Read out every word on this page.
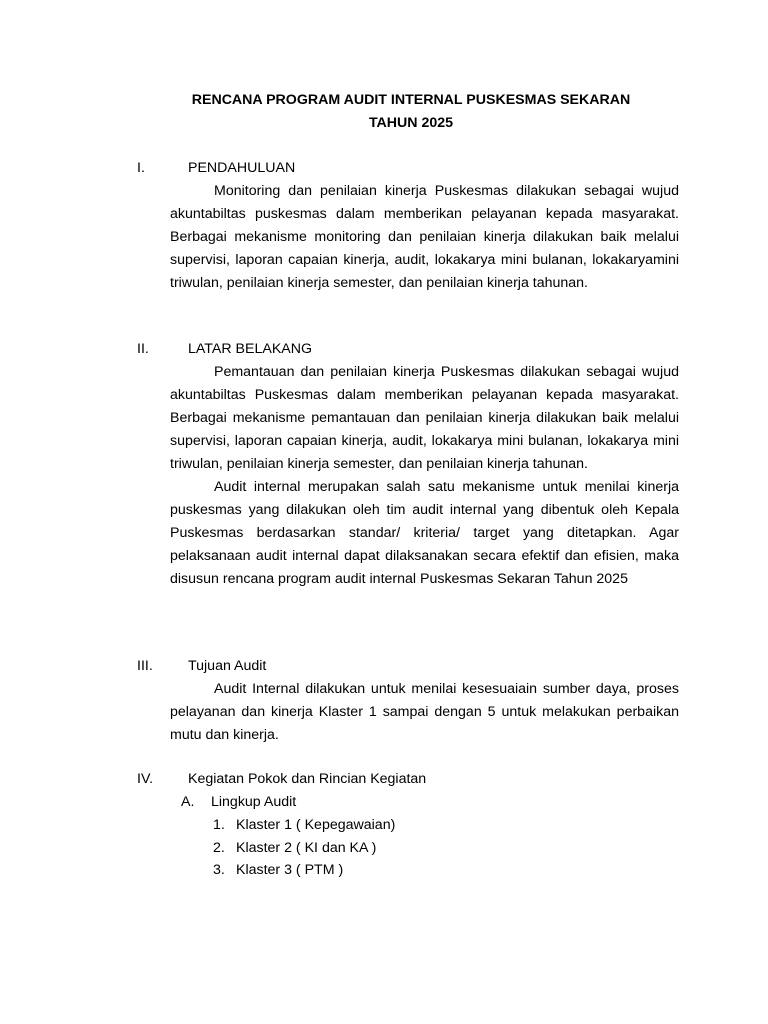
RENCANA PROGRAM AUDIT INTERNAL PUSKESMAS SEKARAN
TAHUN 2025
I.	PENDAHULUAN

Monitoring dan penilaian kinerja Puskesmas dilakukan sebagai wujud akuntabiltas puskesmas dalam memberikan pelayanan kepada masyarakat. Berbagai mekanisme monitoring dan penilaian kinerja dilakukan baik melalui supervisi, laporan capaian kinerja, audit, lokakarya mini bulanan, lokakaryamini triwulan, penilaian kinerja semester, dan penilaian kinerja tahunan.

II.	LATAR BELAKANG

Pemantauan dan penilaian kinerja Puskesmas dilakukan sebagai wujud akuntabiltas Puskesmas dalam memberikan pelayanan kepada masyarakat. Berbagai mekanisme pemantauan dan penilaian kinerja dilakukan baik melalui supervisi, laporan capaian kinerja, audit, lokakarya mini bulanan, lokakarya mini triwulan, penilaian kinerja semester, dan penilaian kinerja tahunan.

Audit internal merupakan salah satu mekanisme untuk menilai kinerja puskesmas yang dilakukan oleh tim audit internal yang dibentuk oleh Kepala Puskesmas berdasarkan standar/ kriteria/ target yang ditetapkan. Agar pelaksanaan audit internal dapat dilaksanakan secara efektif dan efisien, maka disusun rencana program audit internal Puskesmas Sekaran Tahun 2025

III. Tujuan Audit

Audit Internal dilakukan untuk menilai kesesuaiain sumber daya, proses pelayanan dan kinerja Klaster 1 sampai dengan 5 untuk melakukan perbaikan mutu dan kinerja.

IV. Kegiatan Pokok dan Rincian Kegiatan
A. Lingkup Audit
1. Klaster 1 ( Kepegawaian)
2. Klaster 2 ( KI dan KA )
3. Klaster 3 ( PTM )
